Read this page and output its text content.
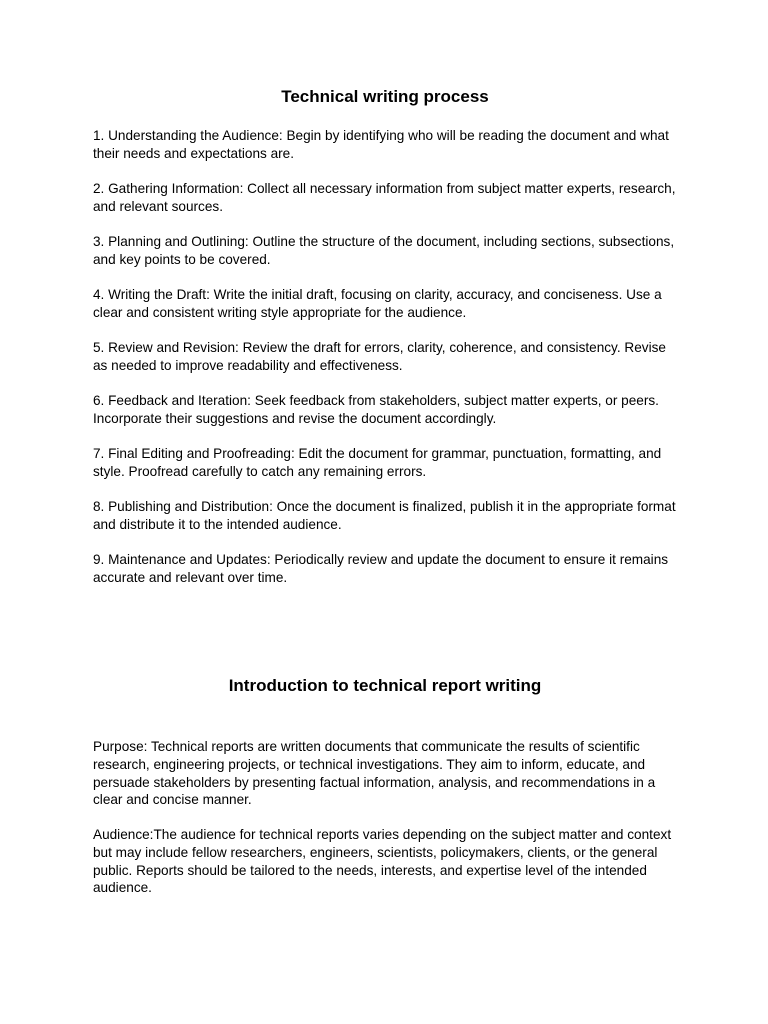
Technical writing process

1. Understanding the Audience: Begin by identifying who will be reading the document and what their needs and expectations are.

2. Gathering Information: Collect all necessary information from subject matter experts, research, and relevant sources.

3. Planning and Outlining: Outline the structure of the document, including sections, subsections, and key points to be covered.

4. Writing the Draft: Write the initial draft, focusing on clarity, accuracy, and conciseness. Use a clear and consistent writing style appropriate for the audience.

5. Review and Revision: Review the draft for errors, clarity, coherence, and consistency. Revise as needed to improve readability and effectiveness.

6. Feedback and Iteration: Seek feedback from stakeholders, subject matter experts, or peers. Incorporate their suggestions and revise the document accordingly.

7. Final Editing and Proofreading: Edit the document for grammar, punctuation, formatting, and style. Proofread carefully to catch any remaining errors.

8. Publishing and Distribution: Once the document is finalized, publish it in the appropriate format and distribute it to the intended audience.

9. Maintenance and Updates: Periodically review and update the document to ensure it remains accurate and relevant over time.

Introduction to technical report writing

Purpose: Technical reports are written documents that communicate the results of scientific research, engineering projects, or technical investigations. They aim to inform, educate, and persuade stakeholders by presenting factual information, analysis, and recommendations in a clear and concise manner.

Audience:The audience for technical reports varies depending on the subject matter and context but may include fellow researchers, engineers, scientists, policymakers, clients, or the general public. Reports should be tailored to the needs, interests, and expertise level of the intended audience.
